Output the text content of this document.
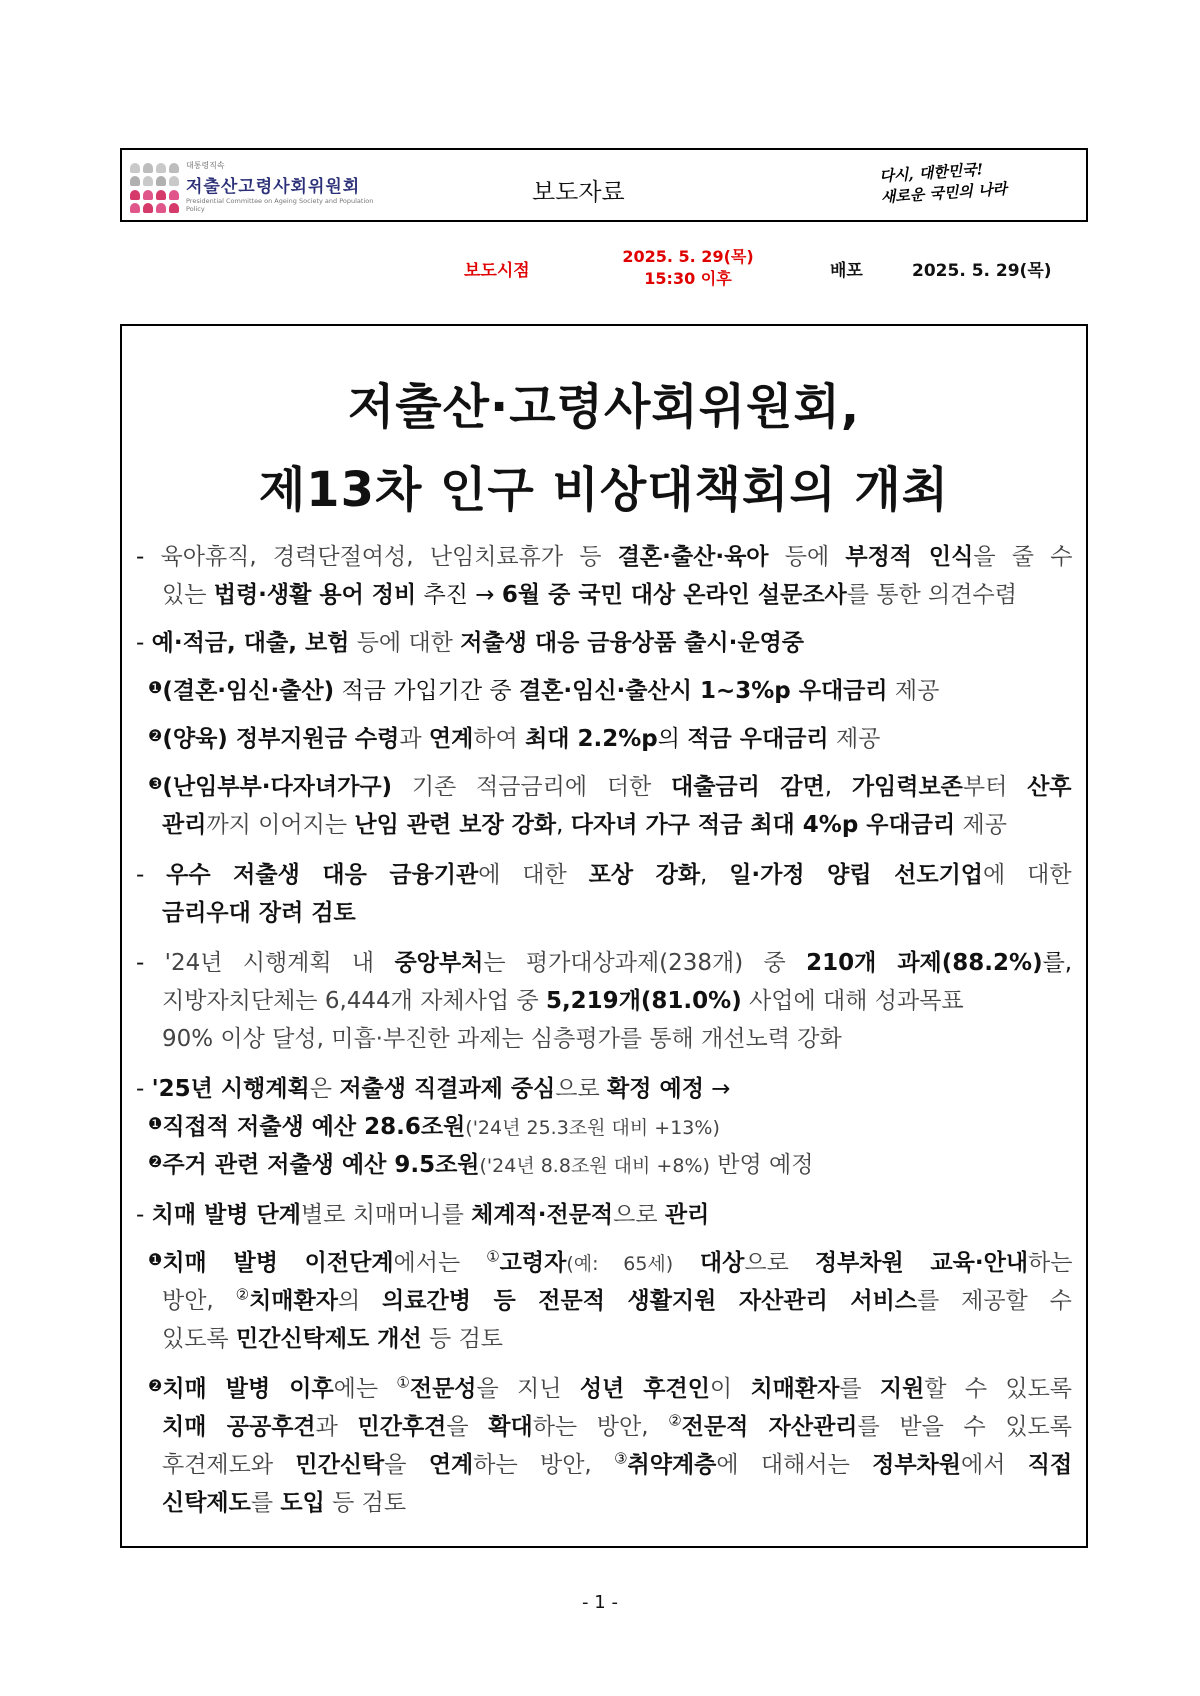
대통령직속
저출산고령사회위원회
Presidential Committee on Ageing Society and Population Policy
보도자료
다시, 대한민국!
새로운 국민의 나라
보도시점
2025. 5. 29(목)
15:30 이후	배포	2025. 5. 29(목)
저출산·고령사회위원회,
제13차 인구 비상대책회의 개최
- 육아휴직, 경력단절여성, 난임치료휴가 등 결혼·출산·육아 등에 부정적 인식을 줄 수
있는 법령·생활 용어 정비 추진 → 6월 중 국민 대상 온라인 설문조사를 통한 의견수렴
- 예·적금, 대출, 보험 등에 대한 저출생 대응 금융상품 출시·운영중
$^❶$(결혼·임신·출산) 적금 가입기간 중 결혼·임신·출산시 1~3%p 우대금리 제공
$^❷$(양육) 정부지원금 수령과 연계하여 최대 2.2%p의 적금 우대금리 제공
$^❸$(난임부부·다자녀가구) 기존 적금금리에 더한 대출금리 감면, 가임력보존부터 산후
관리까지 이어지는 난임 관련 보장 강화, 다자녀 가구 적금 최대 4%p 우대금리 제공
- 우수 저출생 대응 금융기관에 대한 포상 강화, 일·가정 양립 선도기업에 대한
금리우대 장려 검토
- '24년 시행계획 내 중앙부처는 평가대상과제(238개) 중 210개 과제(88.2%)를,
지방자치단체는 6,444개 자체사업 중 5,219개(81.0%) 사업에 대해 성과목표
90% 이상 달성, 미흡·부진한 과제는 심층평가를 통해 개선노력 강화
- '25년 시행계획은 저출생 직결과제 중심으로 확정 예정 →
$^❶$직접적 저출생 예산 28.6조원('24년 25.3조원 대비 +13%)
$^❷$주거 관련 저출생 예산 9.5조원('24년 8.8조원 대비 +8%) 반영 예정
- 치매 발병 단계별로 치매머니를 체계적·전문적으로 관리
$^❶$치매 발병 이전단계에서는 ①고령자(예: 65세) 대상으로 정부차원 교육·안내하는
방안, ②치매환자의 의료간병 등 전문적 생활지원 자산관리 서비스를 제공할 수
있도록 민간신탁제도 개선 등 검토
$^❷$치매 발병 이후에는 ①전문성을 지닌 성년 후견인이 치매환자를 지원할 수 있도록
치매 공공후견과 민간후견을 확대하는 방안, ②전문적 자산관리를 받을 수 있도록
후견제도와 민간신탁을 연계하는 방안, ③취약계층에 대해서는 정부차원에서 직접
신탁제도를 도입 등 검토
- 1 -
